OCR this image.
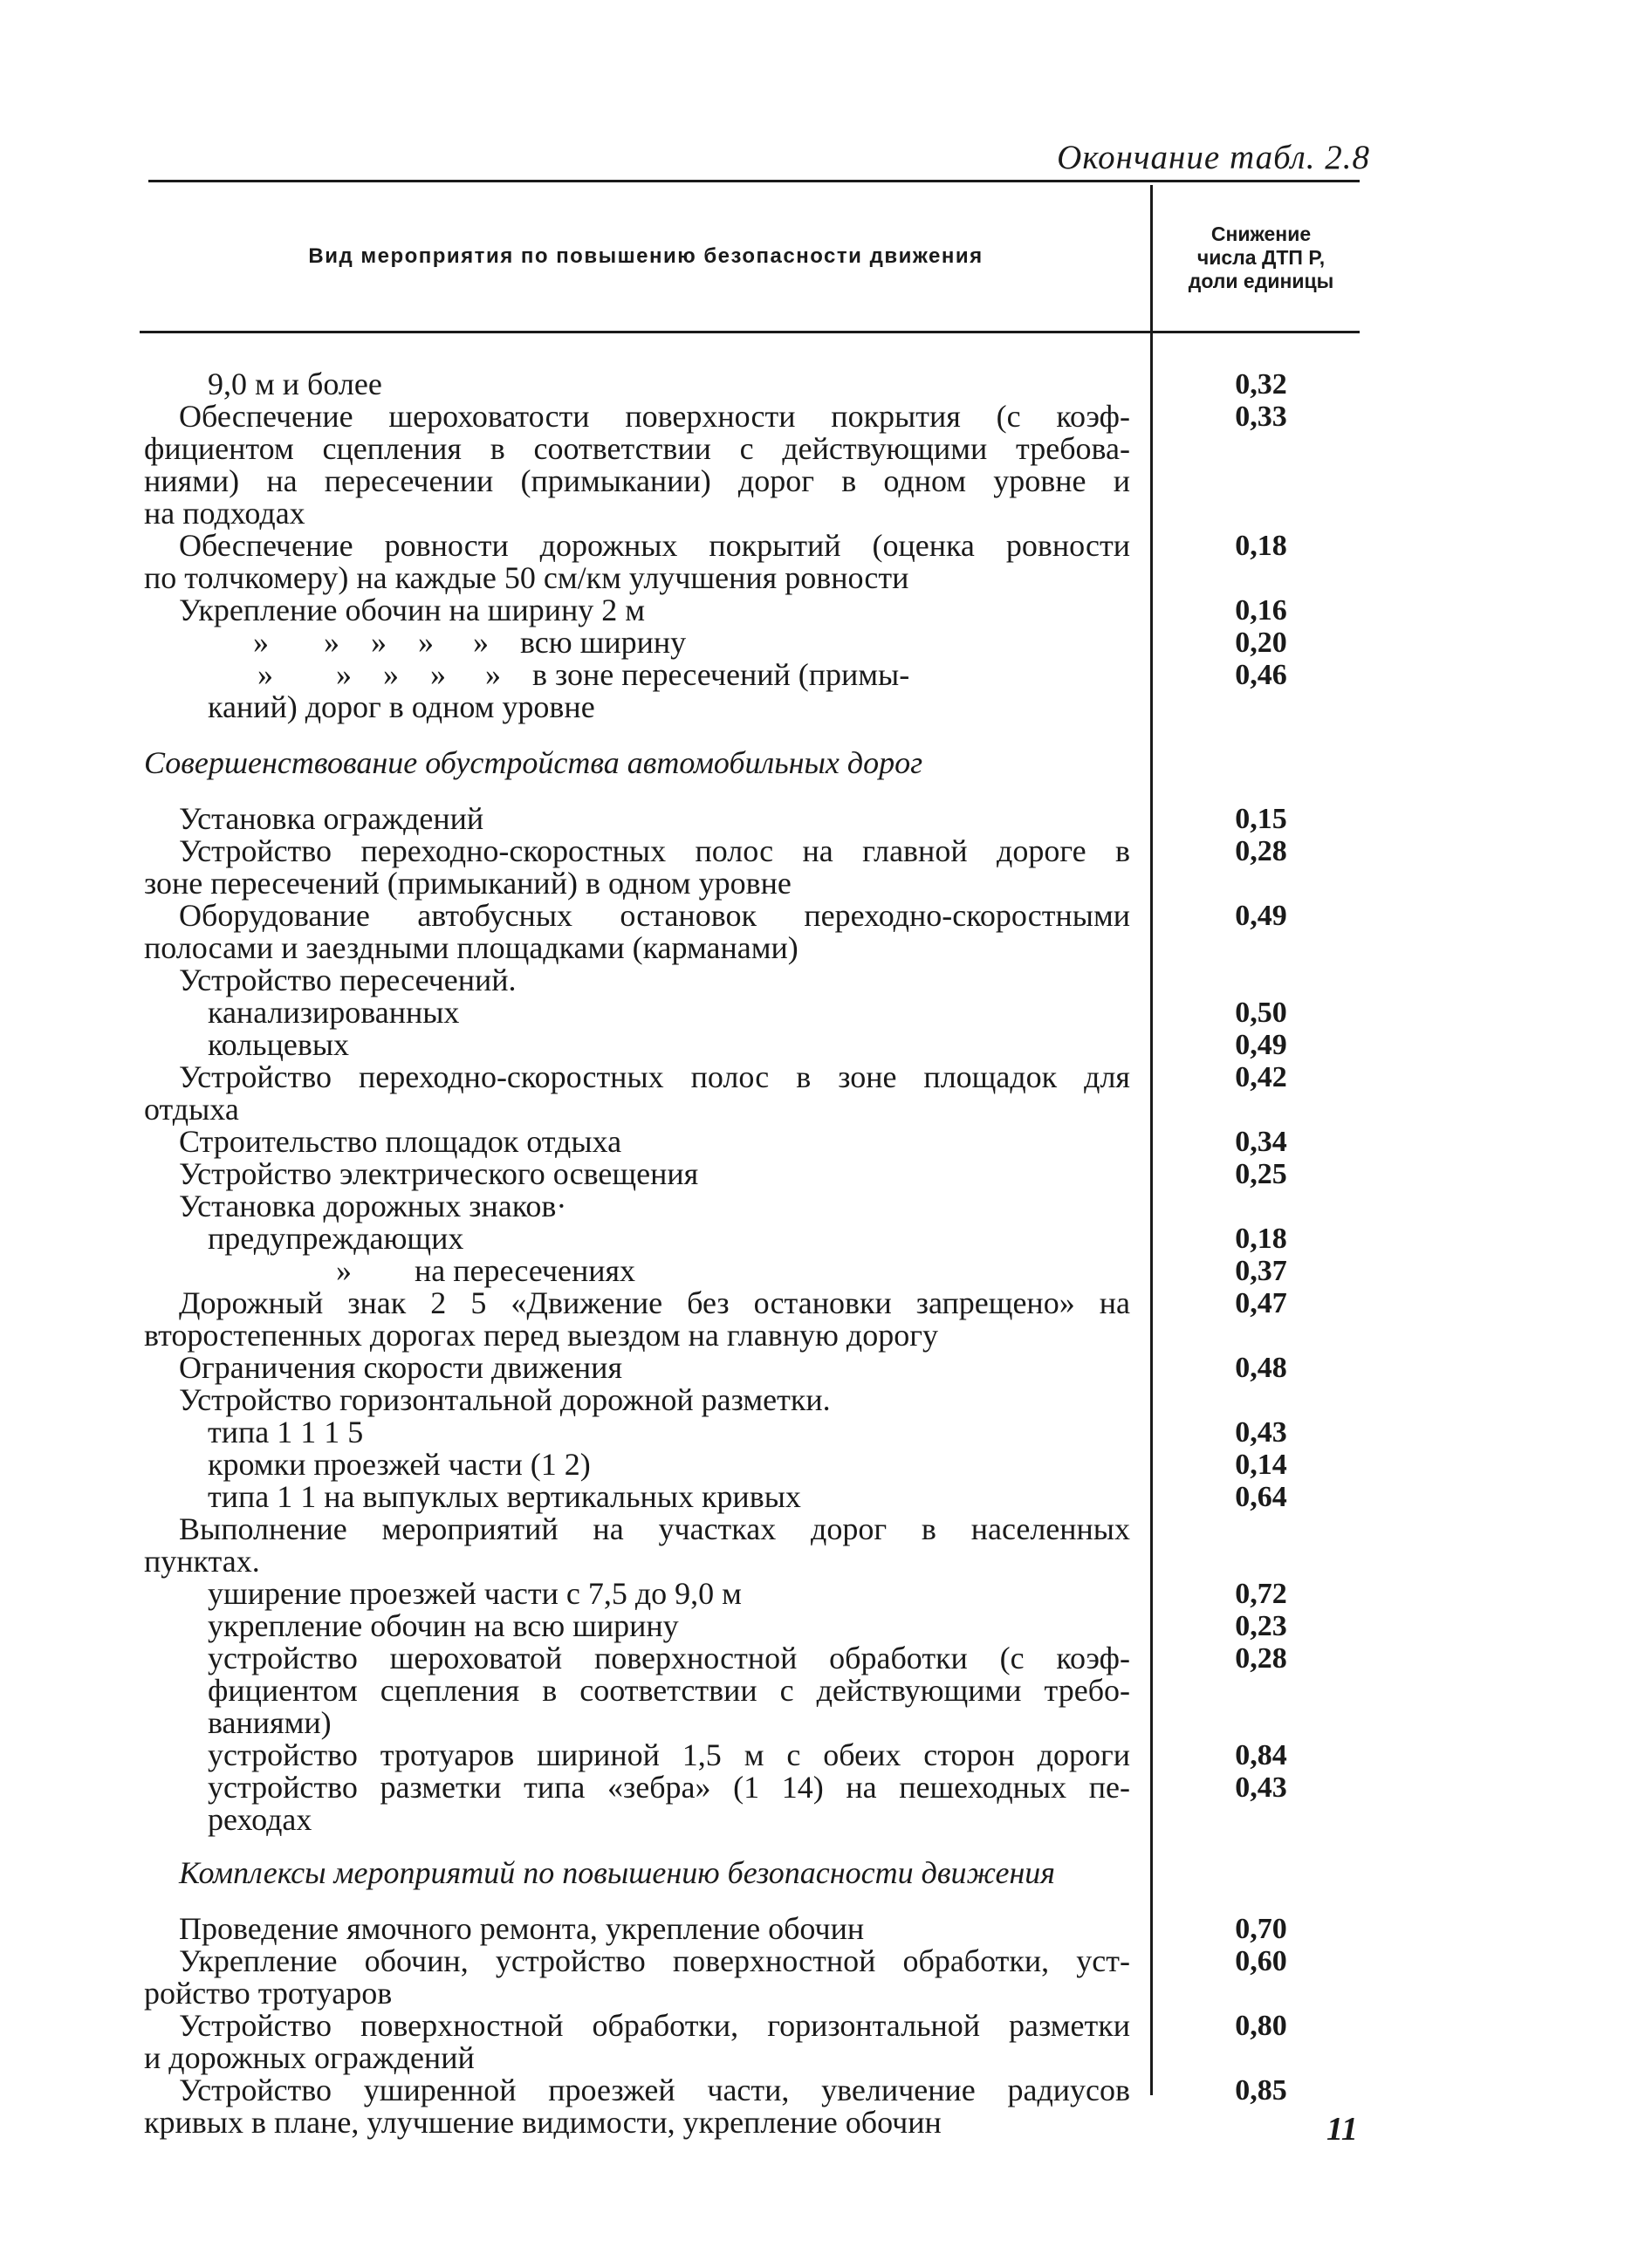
Окончание табл. 2.8
Вид мероприятия по повышению безопасности движения
Снижение
числа ДТП P,
доли единицы
9,0 м и более
Обеспечение шероховатости поверхности покрытия (с коэф-
фициентом сцепления в соответствии с действующими требова-
ниями) на пересечении (примыкании) дорог в одном уровне и
на подходах
Обеспечение ровности дорожных покрытий (оценка ровности
по толчкомеру) на каждые 50 см/км улучшения ровности
Укрепление обочин на ширину 2 м
»       »    »    »     »    всю ширину
»        »    »    »     »    в зоне пересечений (примы-
каний) дорог в одном уровне
Совершенствование обустройства автомобильных дорог
Установка ограждений
Устройство переходно-скоростных полос на главной дороге в
зоне пересечений (примыканий) в одном уровне
Оборудование автобусных остановок переходно-скоростными
полосами и заездными площадками (карманами)
Устройство пересечений.
канализированных
кольцевых
Устройство переходно-скоростных полос в зоне площадок для
отдыха
Строительство площадок отдыха
Устройство электрического освещения
Установка дорожных знаков·
предупреждающих
»        на пересечениях
Дорожный знак 2 5 «Движение без остановки запрещено» на
второстепенных дорогах перед выездом на главную дорогу
Ограничения скорости движения
Устройство горизонтальной дорожной разметки.
типа 1 1 1 5
кромки проезжей части (1 2)
типа 1 1 на выпуклых вертикальных кривых
Выполнение мероприятий на участках дорог в населенных
пунктах.
уширение проезжей части с 7,5 до 9,0 м
укрепление обочин на всю ширину
устройство шероховатой поверхностной обработки (с коэф-
фициентом сцепления в соответствии с действующими требо-
ваниями)
устройство тротуаров шириной 1,5 м с обеих сторон дороги
устройство разметки типа «зебра» (1 14) на пешеходных пе-
реходах
Комплексы мероприятий по повышению безопасности движения
Проведение ямочного ремонта, укрепление обочин
Укрепление обочин, устройство поверхностной обработки, уст-
ройство тротуаров
Устройство поверхностной обработки, горизонтальной разметки
и дорожных ограждений
Устройство уширенной проезжей части, увеличение радиусов
кривых в плане, улучшение видимости, укрепление обочин
0,32
0,33
0,18
0,16
0,20
0,46
0,15
0,28
0,49
0,50
0,49
0,42
0,34
0,25
0,18
0,37
0,47
0,48
0,43
0,14
0,64
0,72
0,23
0,28
0,84
0,43
0,70
0,60
0,80
0,85
11
